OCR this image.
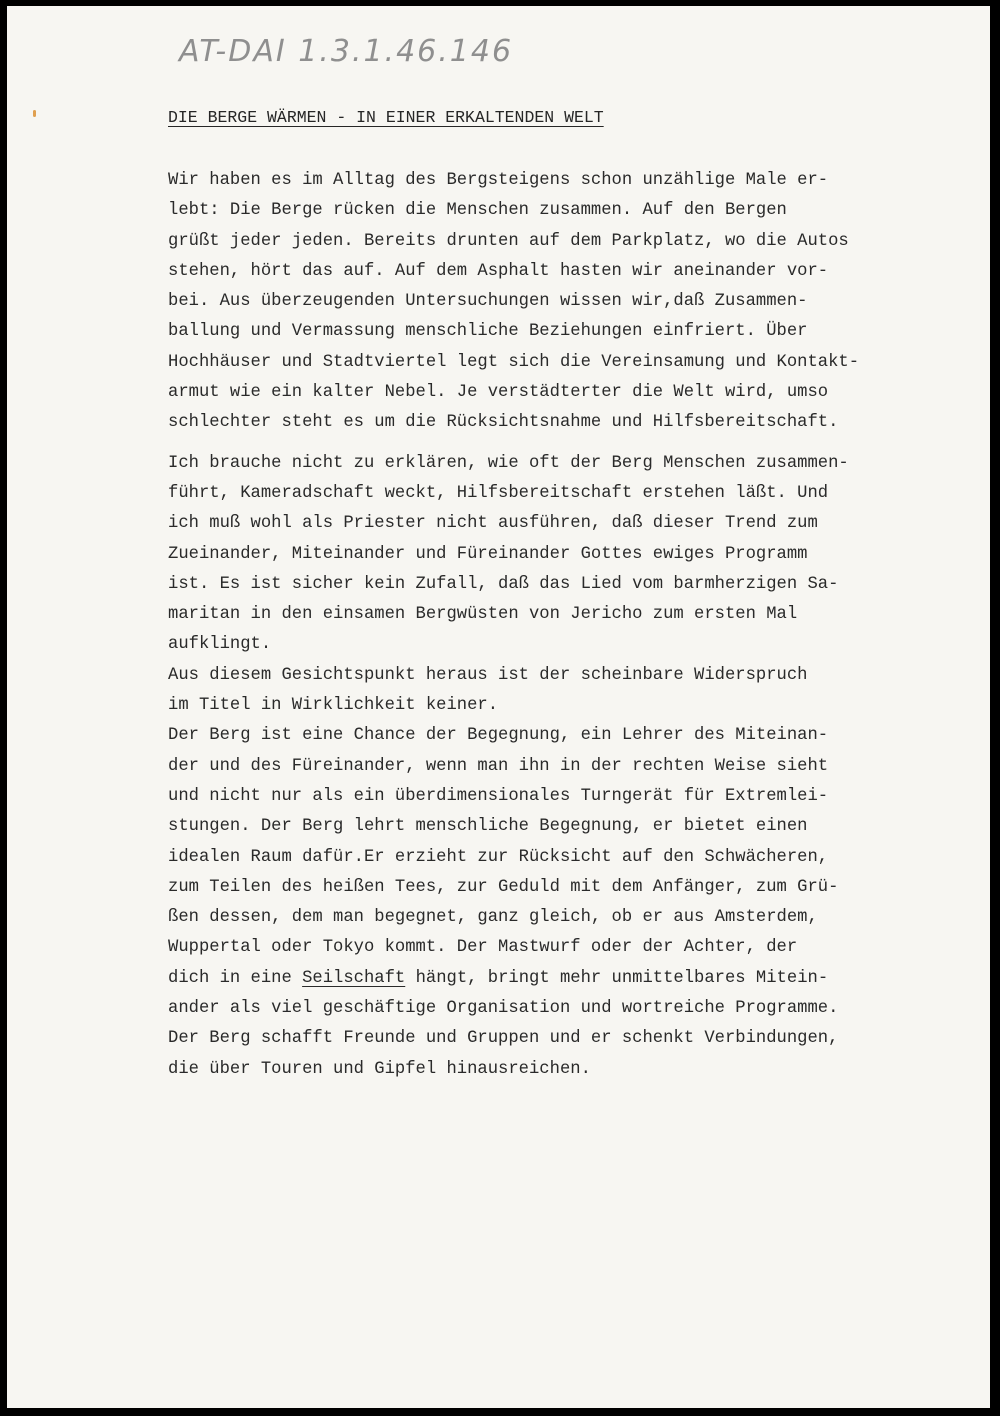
AT-DAI 1.3.1.46.146
DIE BERGE WÄRMEN - IN EINER ERKALTENDEN WELT
Wir haben es im Alltag des Bergsteigens schon unzählige Male er-
lebt: Die Berge rücken die Menschen zusammen. Auf den Bergen
grüßt jeder jeden. Bereits drunten auf dem Parkplatz, wo die Autos
stehen, hört das auf. Auf dem Asphalt hasten wir aneinander vor-
bei. Aus überzeugenden Untersuchungen wissen wir,daß Zusammen-
ballung und Vermassung menschliche Beziehungen einfriert. Über
Hochhäuser und Stadtviertel legt sich die Vereinsamung und Kontakt-
armut wie ein kalter Nebel. Je verstädterter die Welt wird, umso
schlechter steht es um die Rücksichtsnahme und Hilfsbereitschaft.
Ich brauche nicht zu erklären, wie oft der Berg Menschen zusammen-
führt, Kameradschaft weckt, Hilfsbereitschaft erstehen läßt. Und
ich muß wohl als Priester nicht ausführen, daß dieser Trend zum
Zueinander, Miteinander und Füreinander Gottes ewiges Programm
ist. Es ist sicher kein Zufall, daß das Lied vom barmherzigen Sa-
maritan in den einsamen Bergwüsten von Jericho zum ersten Mal
aufklingt.
Aus diesem Gesichtspunkt heraus ist der scheinbare Widerspruch
im Titel in Wirklichkeit keiner.
Der Berg ist eine Chance der Begegnung, ein Lehrer des Miteinan-
der und des Füreinander, wenn man ihn in der rechten Weise sieht
und nicht nur als ein überdimensionales Turngerät für Extremlei-
stungen. Der Berg lehrt menschliche Begegnung, er bietet einen
idealen Raum dafür.Er erzieht zur Rücksicht auf den Schwächeren,
zum Teilen des heißen Tees, zur Geduld mit dem Anfänger, zum Grü-
ßen dessen, dem man begegnet, ganz gleich, ob er aus Amsterdem,
Wuppertal oder Tokyo kommt. Der Mastwurf oder der Achter, der
dich in eine Seilschaft hängt, bringt mehr unmittelbares Mitein-
ander als viel geschäftige Organisation und wortreiche Programme.
Der Berg schafft Freunde und Gruppen und er schenkt Verbindungen,
die über Touren und Gipfel hinausreichen.
